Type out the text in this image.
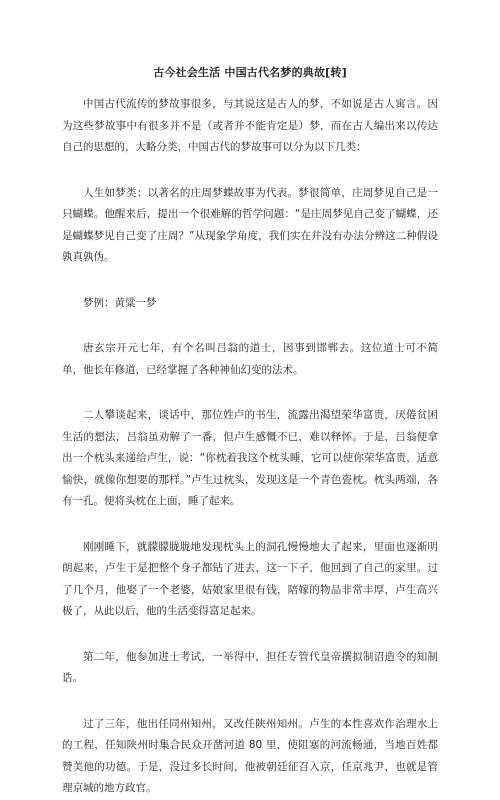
古今社会生活 中国古代名梦的典故[转]

中国古代流传的梦故事很多，与其说这是古人的梦，不如说是古人寓言。因为这些梦故事中有很多并不是（或者并不能肯定是）梦，而在古人编出来以传达自己的思想的，大略分类，中国古代的梦故事可以分为以下几类：

人生如梦类：以著名的庄周梦蝶故事为代表。梦很简单，庄周梦见自己是一只蝴蝶。他醒来后，提出一个很难解的哲学问题：“是庄周梦见自己变了蝴蝶，还是蝴蝶梦见自己变了庄周？”从现象学角度，我们实在并没有办法分辨这二种假设孰真孰伪。

梦例：黄粱一梦

唐玄宗开元七年，有个名叫吕翁的道士，因事到邯郸去。这位道士可不简单，他长年修道，已经掌握了各种神仙幻变的法术。

二人攀谈起来，谈话中，那位姓卢的书生，流露出渴望荣华富贵，厌倦贫困生活的想法，吕翁虽劝解了一番，但卢生感慨不已，难以释怀。于是，吕翁便拿出一个枕头来递给卢生，说：“你枕着我这个枕头睡，它可以使你荣华富贵，适意愉快，就像你想要的那样。”卢生过枕头，发现这是一个青色瓷枕。枕头两端，各有一孔。便将头枕在上面，睡了起来。

刚刚睡下，就朦朦胧胧地发现枕头上的洞孔慢慢地大了起来，里面也逐渐明朗起来，卢生于是把整个身子都钻了进去，这一下子，他回到了自己的家里。过了几个月，他娶了一个老婆，姑娘家里很有钱，陪嫁的物品非常丰厚，卢生高兴极了，从此以后，他的生活变得富足起来。

第二年，他参加进士考试，一举得中，担任专管代皇帝撰拟制诏造令的知制诰。

过了三年，他出任同州知州，又改任陕州知州。卢生的本性喜欢作治理水上的工程，任知陕州时集合民众开凿河道 80 里，使阻塞的河流畅通，当地百姓都赞美他的功德。于是，没过多长时间，他被朝廷征召入京，任京兆尹，也就是管理京城的地方政官。
